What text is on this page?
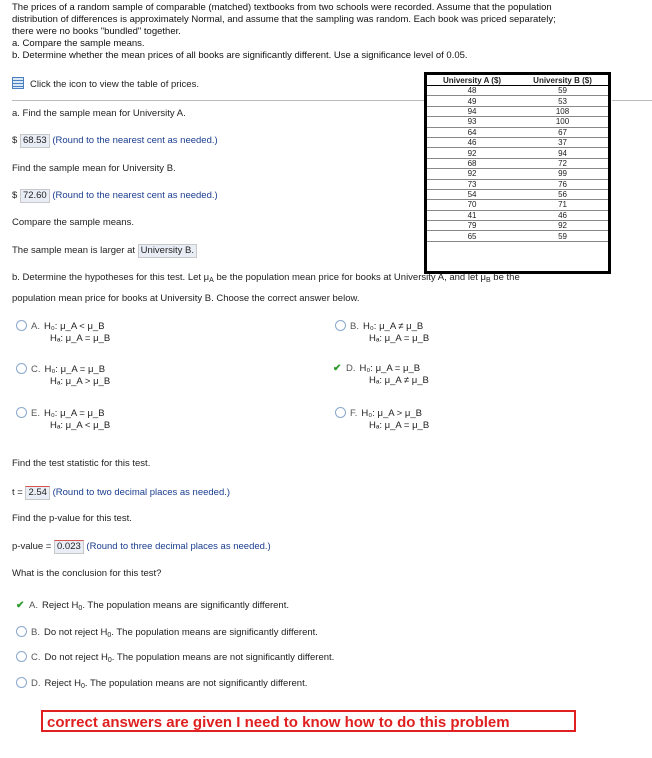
The prices of a random sample of comparable (matched) textbooks from two schools were recorded. Assume that the population

distribution of differences is approximately Normal, and assume that the sampling was random. Each book was priced separately;

there were no books "bundled" together.

a. Compare the sample means.

b. Determine whether the mean prices of all books are significantly different. Use a significance level of 0.05.

Click the icon to view the table of prices.	University A ($)	University B ($)
48	59
49	53
94	108
93	100
64	67
46	37
92	94
68	72
92	99
73	76
54	56
70	71
41	46
79	92
65	59
a. Find the sample mean for University A.
$ 68.53 (Round to the nearest cent as needed.)
Find the sample mean for University B.
$ 72.60 (Round to the nearest cent as needed.)
Compare the sample means.
The sample mean is larger at University B.
b. Determine the hypotheses for this test. Let $\mu_A$ be the population mean price for books at University A, and let $\mu_B$ be the
population mean price for books at University B. Choose the correct answer below.
A. H₀: μ_A < μ_B
Hₐ: μ_A = μ_B
B. H₀: μ_A ≠ μ_B
Hₐ: μ_A = μ_B
C. H₀: μ_A = μ_B
Hₐ: μ_A > μ_B
✔ D. H₀: μ_A = μ_B
Hₐ: μ_A ≠ μ_B
E. H₀: μ_A = μ_B
Hₐ: μ_A < μ_B
F. H₀: μ_A > μ_B
Hₐ: μ_A = μ_B
Find the test statistic for this test.
t = 2.54 (Round to two decimal places as needed.)
Find the p-value for this test.
p-value = 0.023 (Round to three decimal places as needed.)
What is the conclusion for this test?
✔ A. Reject $H_0$. The population means are significantly different.
B. Do not reject $H_0$. The population means are significantly different.
C. Do not reject $H_0$. The population means are not significantly different.
D. Reject $H_0$. The population means are not significantly different.
correct answers are given I need to know how to do this problem
